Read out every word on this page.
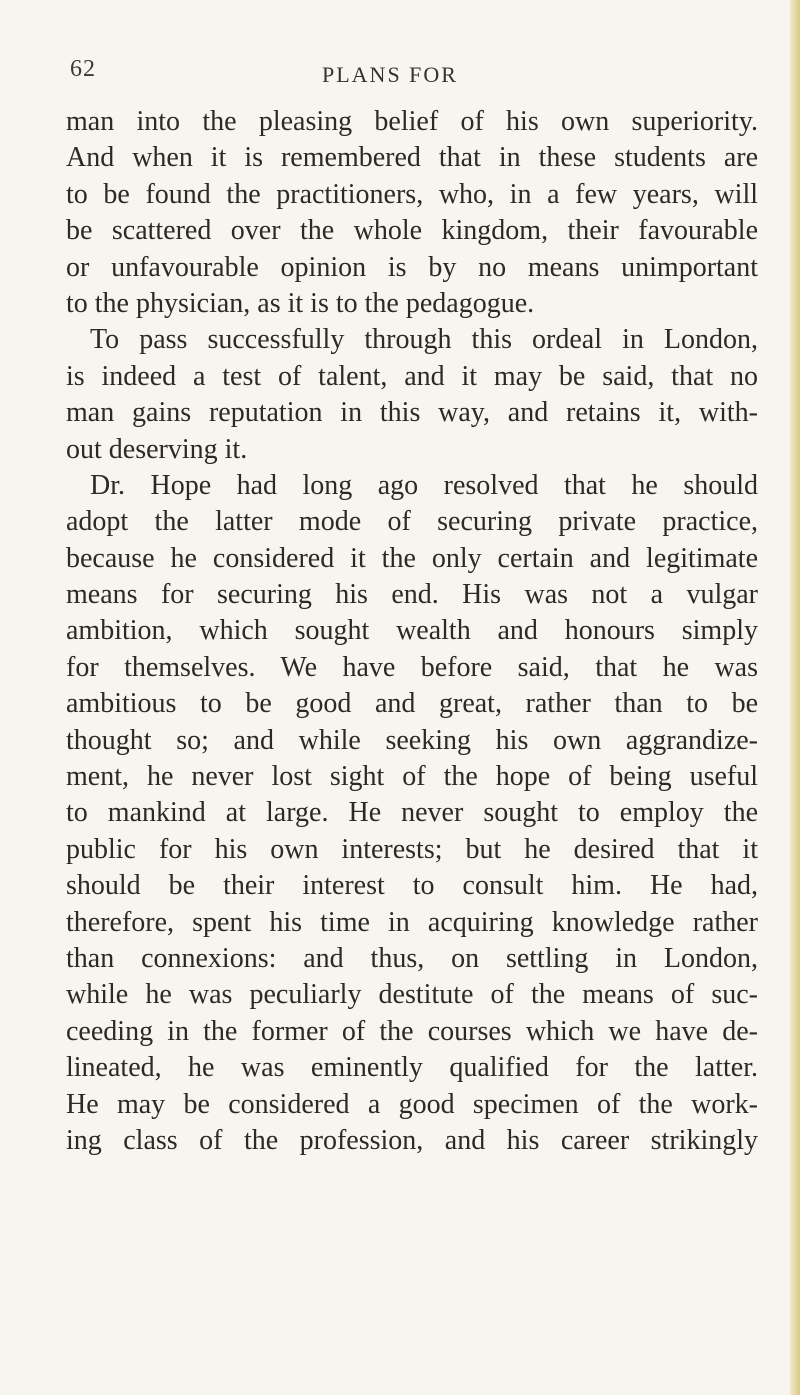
62	PLANS FOR
man into the pleasing belief of his own superiority.
And when it is remembered that in these students are
to be found the practitioners, who, in a few years, will
be scattered over the whole kingdom, their favourable
or unfavourable opinion is by no means unimportant
to the physician, as it is to the pedagogue.
To pass successfully through this ordeal in London,
is indeed a test of talent, and it may be said, that no
man gains reputation in this way, and retains it, with-
out deserving it.
Dr. Hope had long ago resolved that he should
adopt the latter mode of securing private practice,
because he considered it the only certain and legitimate
means for securing his end. His was not a vulgar
ambition, which sought wealth and honours simply
for themselves. We have before said, that he was
ambitious to be good and great, rather than to be
thought so; and while seeking his own aggrandize-
ment, he never lost sight of the hope of being useful
to mankind at large. He never sought to employ the
public for his own interests; but he desired that it
should be their interest to consult him. He had,
therefore, spent his time in acquiring knowledge rather
than connexions: and thus, on settling in London,
while he was peculiarly destitute of the means of suc-
ceeding in the former of the courses which we have de-
lineated, he was eminently qualified for the latter.
He may be considered a good specimen of the work-
ing class of the profession, and his career strikingly
